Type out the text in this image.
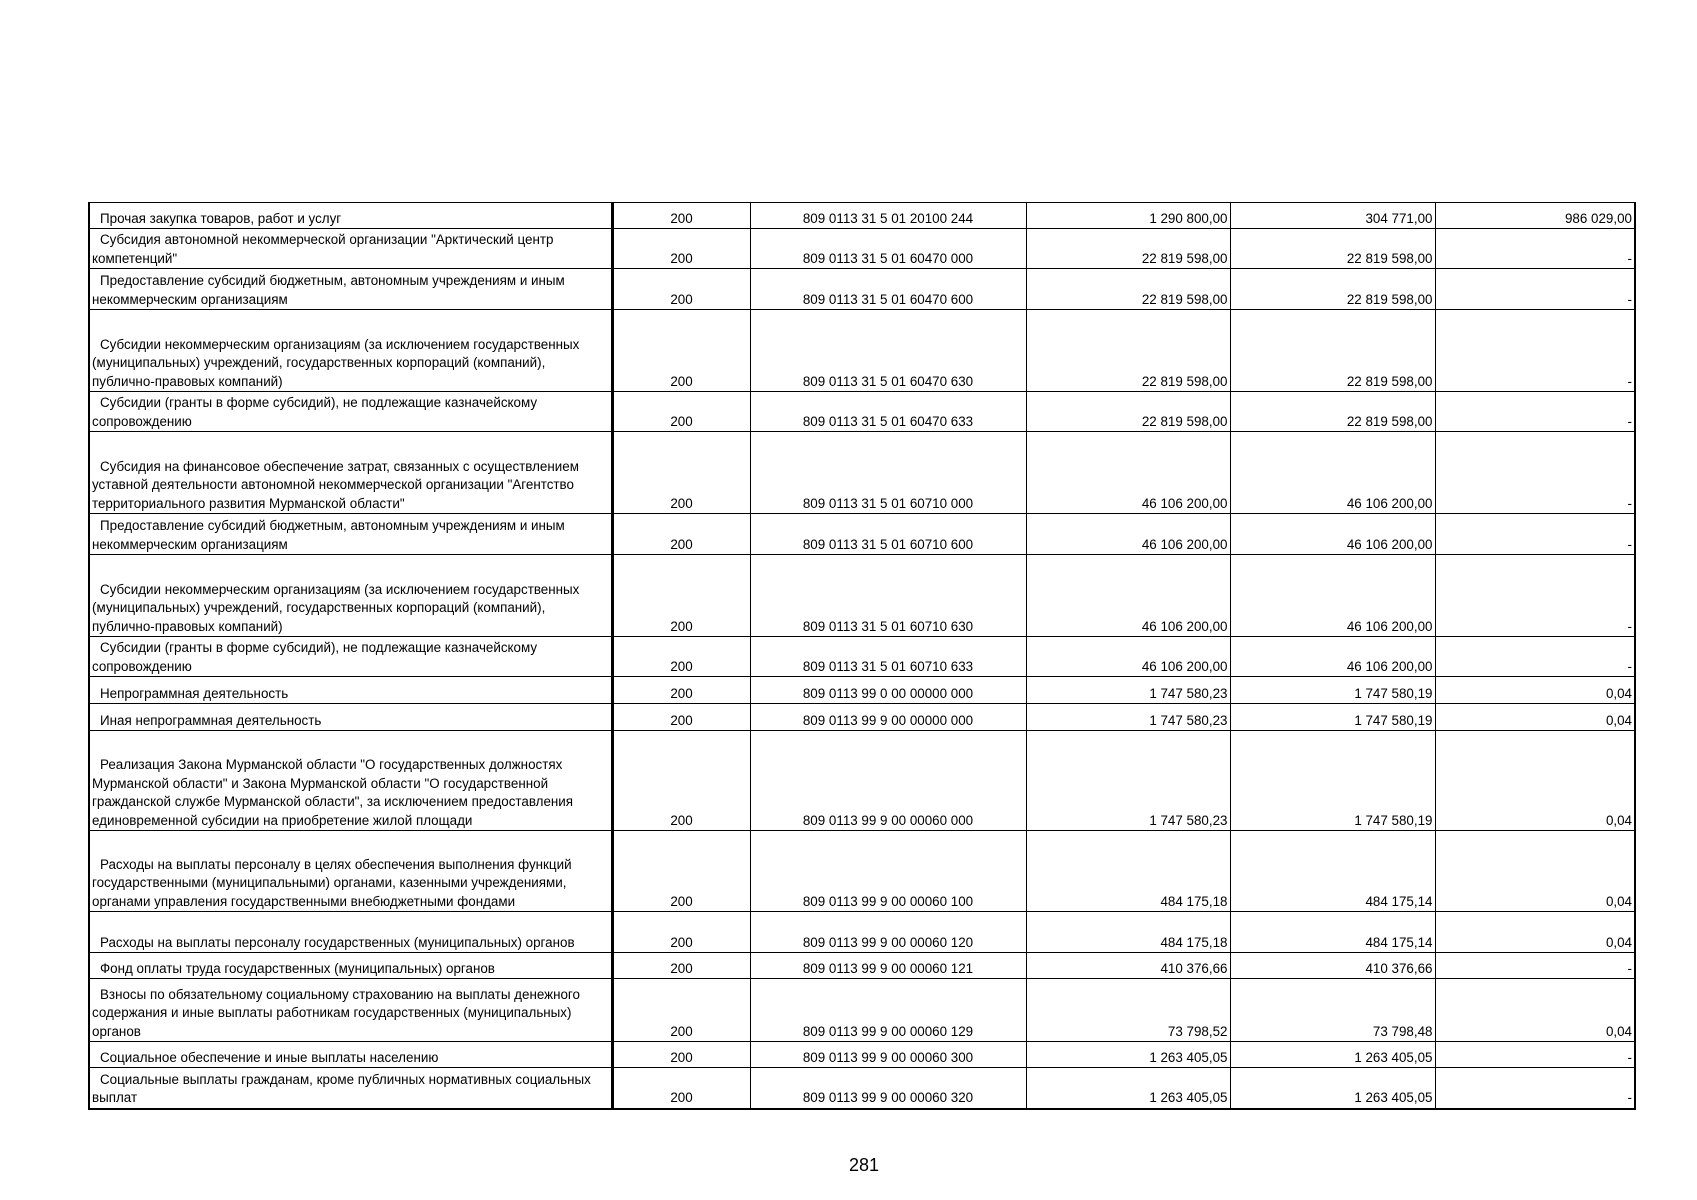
Прочая закупка товаров, работ и услуг	200	809 0113 31 5 01 20100 244	1 290 800,00	304 771,00	986 029,00
Субсидия автономной некоммерческой организации "Арктический центр компетенций"	200	809 0113 31 5 01 60470 000	22 819 598,00	22 819 598,00	-
Предоставление субсидий бюджетным, автономным учреждениям и иным некоммерческим организациям	200	809 0113 31 5 01 60470 600	22 819 598,00	22 819 598,00	-
Субсидии некоммерческим организациям (за исключением государственных (муниципальных) учреждений, государственных корпораций (компаний), публично-правовых компаний)	200	809 0113 31 5 01 60470 630	22 819 598,00	22 819 598,00	-
Субсидии (гранты в форме субсидий), не подлежащие казначейскому сопровождению	200	809 0113 31 5 01 60470 633	22 819 598,00	22 819 598,00	-
Субсидия на финансовое обеспечение затрат, связанных с осуществлением уставной деятельности автономной некоммерческой организации "Агентство территориального развития Мурманской области"	200	809 0113 31 5 01 60710 000	46 106 200,00	46 106 200,00	-
Предоставление субсидий бюджетным, автономным учреждениям и иным некоммерческим организациям	200	809 0113 31 5 01 60710 600	46 106 200,00	46 106 200,00	-
Субсидии некоммерческим организациям (за исключением государственных (муниципальных) учреждений, государственных корпораций (компаний), публично-правовых компаний)	200	809 0113 31 5 01 60710 630	46 106 200,00	46 106 200,00	-
Субсидии (гранты в форме субсидий), не подлежащие казначейскому сопровождению	200	809 0113 31 5 01 60710 633	46 106 200,00	46 106 200,00	-
Непрограммная деятельность	200	809 0113 99 0 00 00000 000	1 747 580,23	1 747 580,19	0,04
Иная непрограммная деятельность	200	809 0113 99 9 00 00000 000	1 747 580,23	1 747 580,19	0,04
Реализация Закона Мурманской области "О государственных должностях Мурманской области" и Закона Мурманской области "О государственной гражданской службе Мурманской области", за исключением предоставления единовременной субсидии на приобретение жилой площади	200	809 0113 99 9 00 00060 000	1 747 580,23	1 747 580,19	0,04
Расходы на выплаты персоналу в целях обеспечения выполнения функций государственными (муниципальными) органами, казенными учреждениями, органами управления государственными внебюджетными фондами	200	809 0113 99 9 00 00060 100	484 175,18	484 175,14	0,04
Расходы на выплаты персоналу государственных (муниципальных) органов	200	809 0113 99 9 00 00060 120	484 175,18	484 175,14	0,04
Фонд оплаты труда государственных (муниципальных) органов	200	809 0113 99 9 00 00060 121	410 376,66	410 376,66	-
Взносы по обязательному социальному страхованию на выплаты денежного содержания и иные выплаты работникам государственных (муниципальных) органов	200	809 0113 99 9 00 00060 129	73 798,52	73 798,48	0,04
Социальное обеспечение и иные выплаты населению	200	809 0113 99 9 00 00060 300	1 263 405,05	1 263 405,05	-
Социальные выплаты гражданам, кроме публичных нормативных социальных выплат	200	809 0113 99 9 00 00060 320	1 263 405,05	1 263 405,05	-
281
